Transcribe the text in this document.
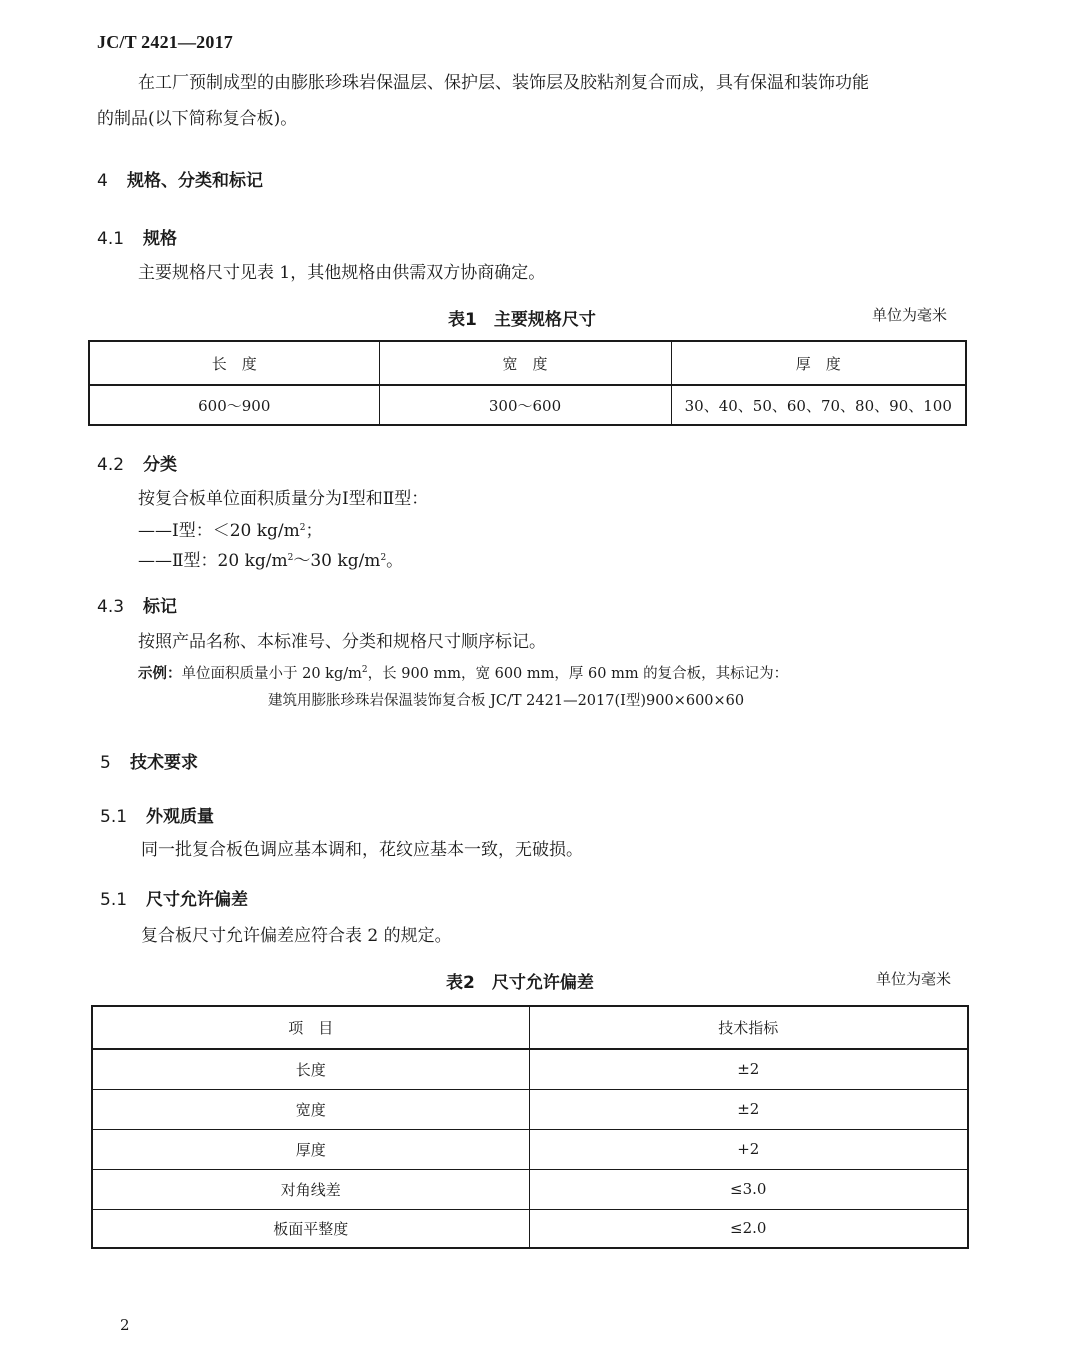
JC/T 2421—2017

在工厂预制成型的由膨胀珍珠岩保温层、保护层、装饰层及胶粘剂复合而成，具有保温和装饰功能

的制品(以下简称复合板)。

4 规格、分类和标记

4.1 规格

主要规格尺寸见表 1，其他规格由供需双方协商确定。

表1　主要规格尺寸	单位为毫米

长　度	宽　度	厚　度
600～900	300～600	30、40、50、60、70、80、90、100

4.2 分类

按复合板单位面积质量分为Ⅰ型和Ⅱ型：

——Ⅰ型：＜20 $kg/m^2$；

——Ⅱ型：20 $kg/m^2\sim 30$ $kg/m^2$。

4.3 标记

按照产品名称、本标准号、分类和规格尺寸顺序标记。

示例：单位面积质量小于 20 $kg/m^2$，长 900 mm，宽 600 mm，厚 60 mm 的复合板，其标记为：

建筑用膨胀珍珠岩保温装饰复合板 JC/T 2421—2017(Ⅰ型)900×600×60

5 技术要求

5.1 外观质量

同一批复合板色调应基本调和，花纹应基本一致，无破损。

5.1 尺寸允许偏差

复合板尺寸允许偏差应符合表 2 的规定。

表2　尺寸允许偏差	单位为毫米

项　目	技术指标
长度	±2
宽度	±2
厚度	+2
对角线差	≤3.0
板面平整度	≤2.0

2
